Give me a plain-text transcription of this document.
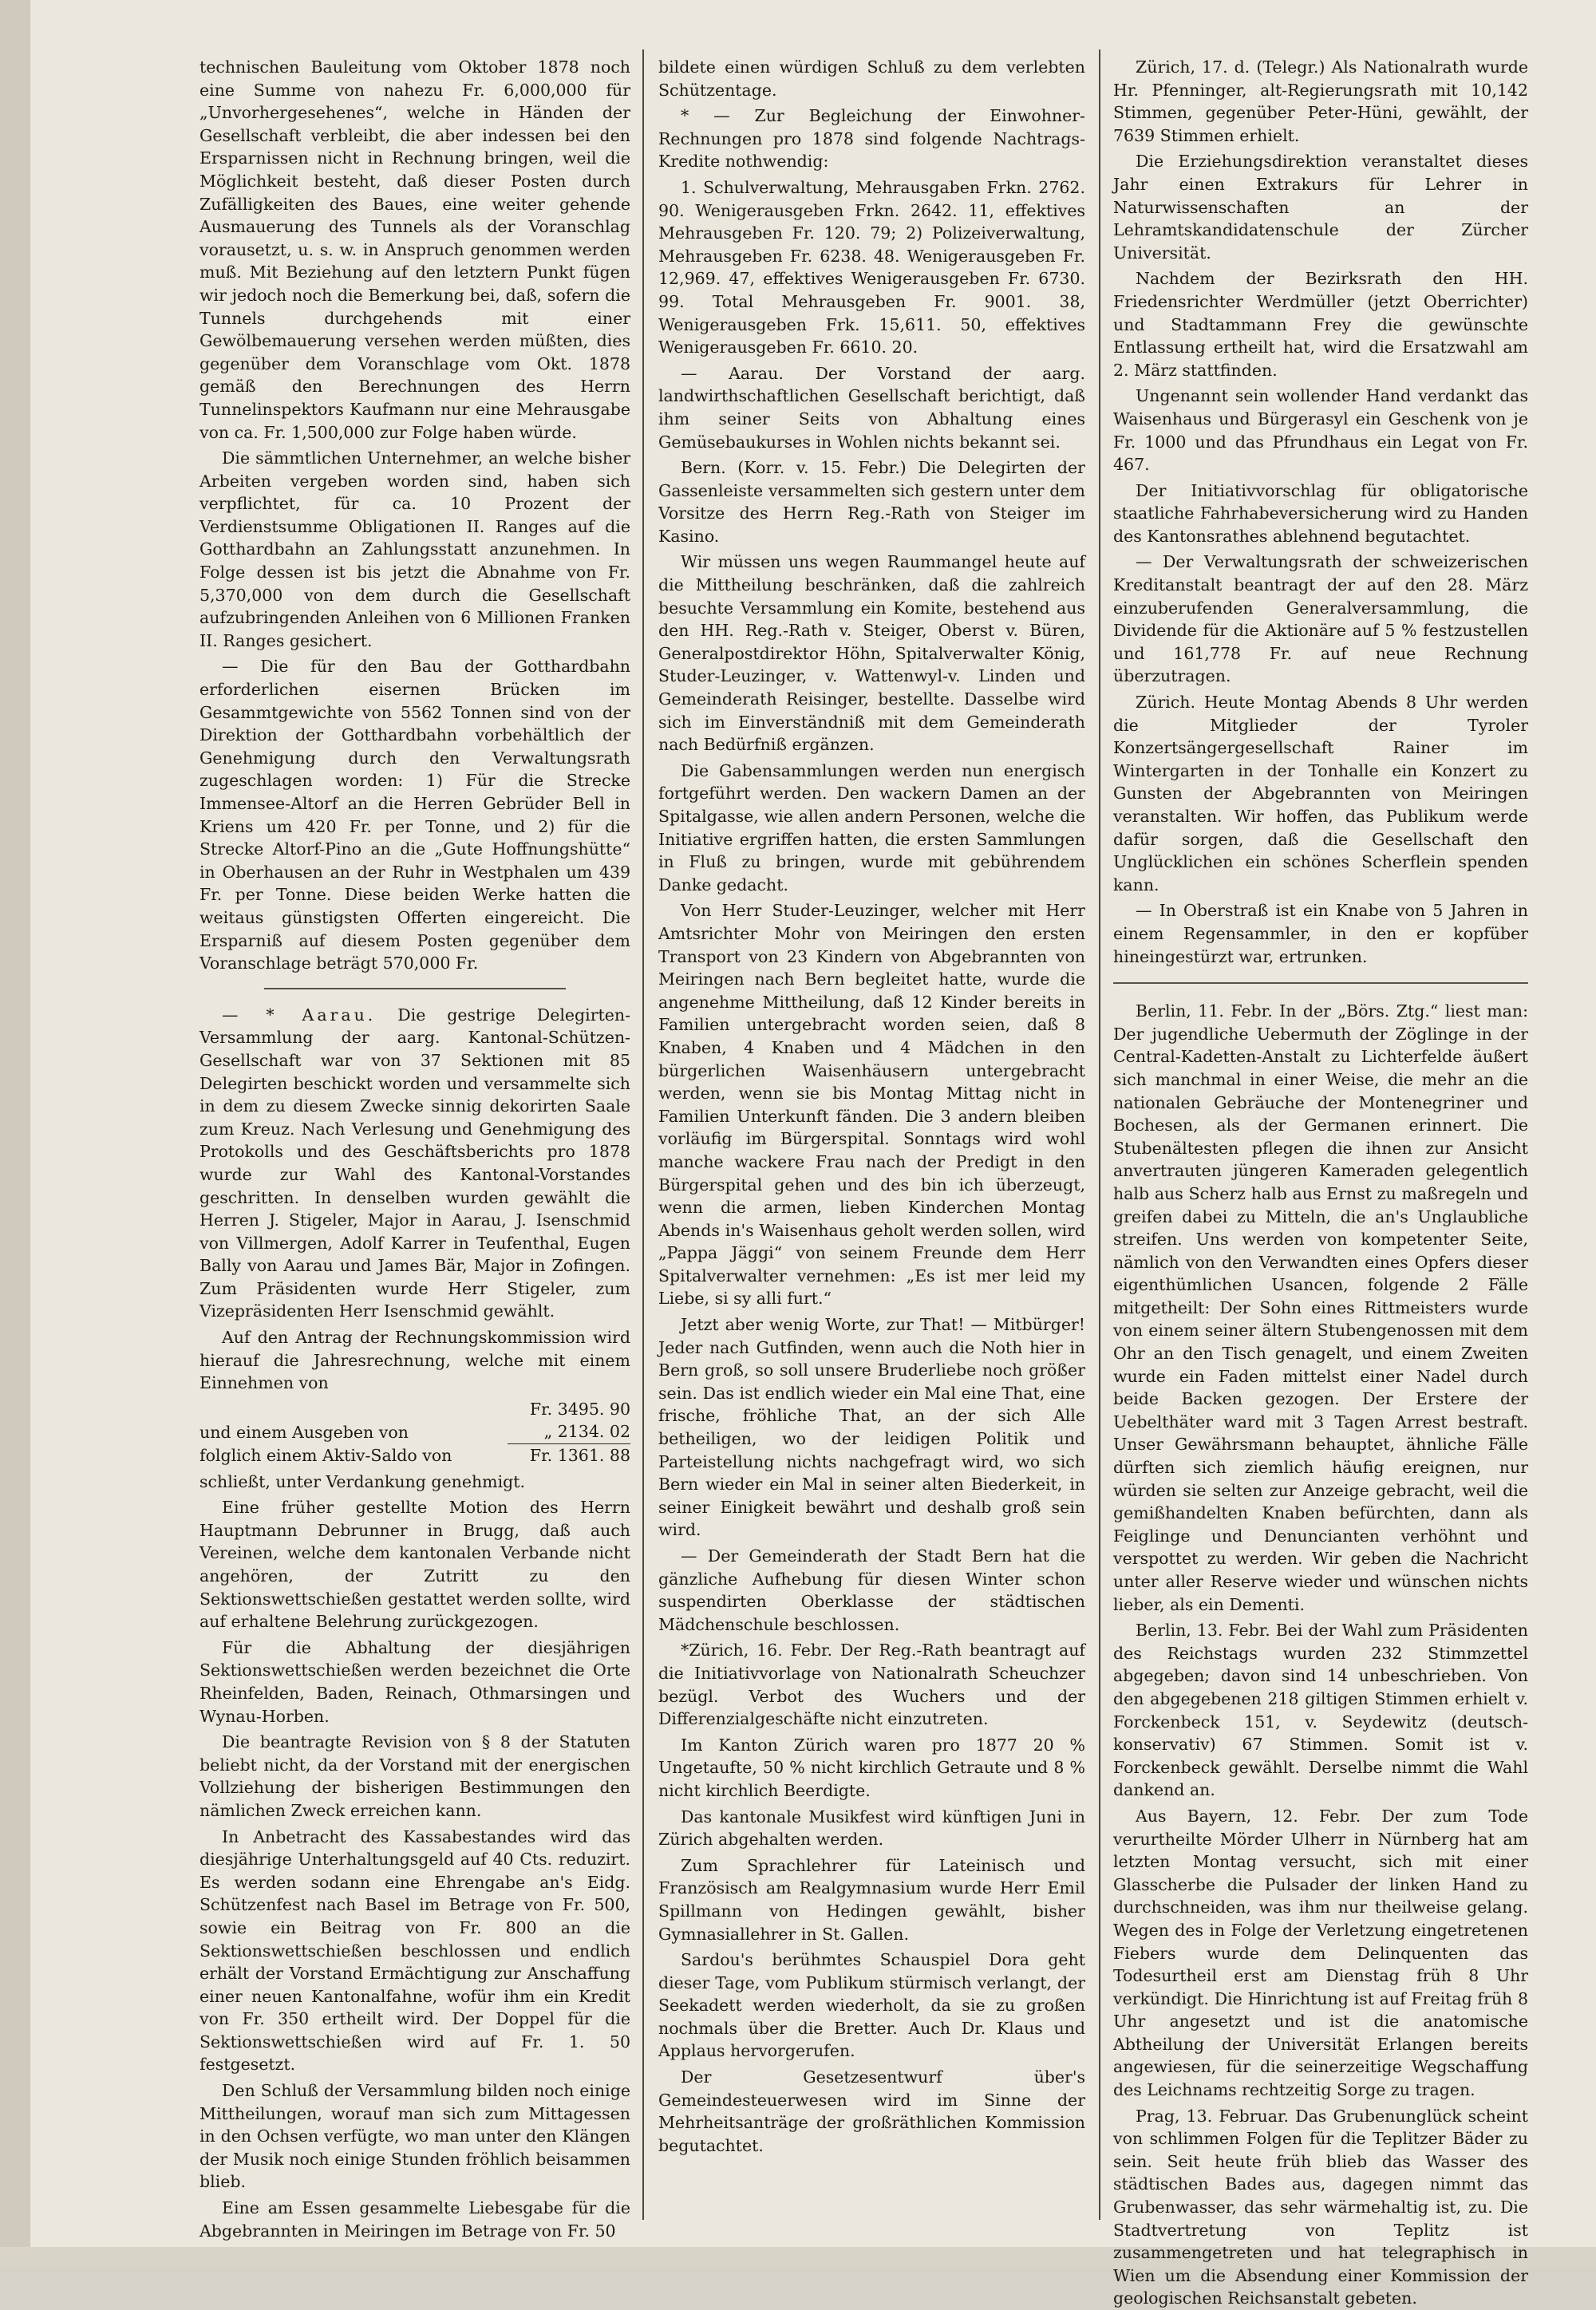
technischen Bauleitung vom Oktober 1878 noch eine Summe von nahezu Fr. 6,000,000 für „Unvorhergesehenes“, welche in Händen der Gesellschaft verbleibt, die aber indessen bei den Ersparnissen nicht in Rechnung bringen, weil die Möglichkeit besteht, daß dieser Posten durch Zufälligkeiten des Baues, eine weiter gehende Ausmauerung des Tunnels als der Voranschlag vorausetzt, u. s. w. in Anspruch genommen werden muß. Mit Beziehung auf den letztern Punkt fügen wir jedoch noch die Bemerkung bei, daß, sofern die Tunnels durchgehends mit einer Gewölbemauerung versehen werden müßten, dies gegenüber dem Voranschlage vom Okt. 1878 gemäß den Berechnungen des Herrn Tunnelinspektors Kaufmann nur eine Mehrausgabe von ca. Fr. 1,500,000 zur Folge haben würde.

Die sämmtlichen Unternehmer, an welche bisher Arbeiten vergeben worden sind, haben sich verpflichtet, für ca. 10 Prozent der Verdienstsumme Obligationen II. Ranges auf die Gotthardbahn an Zahlungsstatt anzunehmen. In Folge dessen ist bis jetzt die Abnahme von Fr. 5,370,000 von dem durch die Gesellschaft aufzubringenden Anleihen von 6 Millionen Franken II. Ranges gesichert.

— Die für den Bau der Gotthardbahn erforderlichen eisernen Brücken im Gesammtgewichte von 5562 Tonnen sind von der Direktion der Gotthardbahn vorbehältlich der Genehmigung durch den Verwaltungsrath zugeschlagen worden: 1) Für die Strecke Immensee-Altorf an die Herren Gebrüder Bell in Kriens um 420 Fr. per Tonne, und 2) für die Strecke Altorf-Pino an die „Gute Hoffnungshütte“ in Oberhausen an der Ruhr in Westphalen um 439 Fr. per Tonne. Diese beiden Werke hatten die weitaus günstigsten Offerten eingereicht. Die Ersparniß auf diesem Posten gegenüber dem Voranschlage beträgt 570,000 Fr.

— * Aarau. Die gestrige Delegirten-Versammlung der aarg. Kantonal-Schützen-Gesellschaft war von 37 Sektionen mit 85 Delegirten beschickt worden und versammelte sich in dem zu diesem Zwecke sinnig dekorirten Saale zum Kreuz. Nach Verlesung und Genehmigung des Protokolls und des Geschäftsberichts pro 1878 wurde zur Wahl des Kantonal-Vorstandes geschritten. In denselben wurden gewählt die Herren J. Stigeler, Major in Aarau, J. Isenschmid von Villmergen, Adolf Karrer in Teufenthal, Eugen Bally von Aarau und James Bär, Major in Zofingen. Zum Präsidenten wurde Herr Stigeler, zum Vizepräsidenten Herr Isenschmid gewählt.

Auf den Antrag der Rechnungskommission wird hierauf die Jahresrechnung, welche mit einem Einnehmen von

	Fr. 3495. 90
und einem Ausgeben von	„ 2134. 02
folglich einem Aktiv-Saldo von	Fr. 1361. 88

schließt, unter Verdankung genehmigt.

Eine früher gestellte Motion des Herrn Hauptmann Debrunner in Brugg, daß auch Vereinen, welche dem kantonalen Verbande nicht angehören, der Zutritt zu den Sektionswettschießen gestattet werden sollte, wird auf erhaltene Belehrung zurückgezogen.

Für die Abhaltung der diesjährigen Sektionswettschießen werden bezeichnet die Orte Rheinfelden, Baden, Reinach, Othmarsingen und Wynau-Horben.

Die beantragte Revision von § 8 der Statuten beliebt nicht, da der Vorstand mit der energischen Vollziehung der bisherigen Bestimmungen den nämlichen Zweck erreichen kann.

In Anbetracht des Kassabestandes wird das diesjährige Unterhaltungsgeld auf 40 Cts. reduzirt. Es werden sodann eine Ehrengabe an's Eidg. Schützenfest nach Basel im Betrage von Fr. 500, sowie ein Beitrag von Fr. 800 an die Sektionswettschießen beschlossen und endlich erhält der Vorstand Ermächtigung zur Anschaffung einer neuen Kantonalfahne, wofür ihm ein Kredit von Fr. 350 ertheilt wird. Der Doppel für die Sektionswettschießen wird auf Fr. 1. 50 festgesetzt.

Den Schluß der Versammlung bilden noch einige Mittheilungen, worauf man sich zum Mittagessen in den Ochsen verfügte, wo man unter den Klängen der Musik noch einige Stunden fröhlich beisammen blieb.

Eine am Essen gesammelte Liebesgabe für die Abgebrannten in Meiringen im Betrage von Fr. 50

bildete einen würdigen Schluß zu dem verlebten Schützentage.

* — Zur Begleichung der Einwohner-Rechnungen pro 1878 sind folgende Nachtrags-Kredite nothwendig:

1. Schulverwaltung, Mehrausgaben Frkn. 2762. 90. Wenigerausgeben Frkn. 2642. 11, effektives Mehrausgeben Fr. 120. 79; 2) Polizeiverwaltung, Mehrausgeben Fr. 6238. 48. Wenigerausgeben Fr. 12,969. 47, effektives Wenigerausgeben Fr. 6730. 99. Total Mehrausgeben Fr. 9001. 38, Wenigerausgeben Frk. 15,611. 50, effektives Wenigerausgeben Fr. 6610. 20.

— Aarau. Der Vorstand der aarg. landwirthschaftlichen Gesellschaft berichtigt, daß ihm seiner Seits von Abhaltung eines Gemüsebaukurses in Wohlen nichts bekannt sei.

Bern. (Korr. v. 15. Febr.) Die Delegirten der Gassenleiste versammelten sich gestern unter dem Vorsitze des Herrn Reg.-Rath von Steiger im Kasino.

Wir müssen uns wegen Raummangel heute auf die Mittheilung beschränken, daß die zahlreich besuchte Versammlung ein Komite, bestehend aus den HH. Reg.-Rath v. Steiger, Oberst v. Büren, Generalpostdirektor Höhn, Spitalverwalter König, Studer-Leuzinger, v. Wattenwyl-v. Linden und Gemeinderath Reisinger, bestellte. Dasselbe wird sich im Einverständniß mit dem Gemeinderath nach Bedürfniß ergänzen.

Die Gabensammlungen werden nun energisch fortgeführt werden. Den wackern Damen an der Spitalgasse, wie allen andern Personen, welche die Initiative ergriffen hatten, die ersten Sammlungen in Fluß zu bringen, wurde mit gebührendem Danke gedacht.

Von Herr Studer-Leuzinger, welcher mit Herr Amtsrichter Mohr von Meiringen den ersten Transport von 23 Kindern von Abgebrannten von Meiringen nach Bern begleitet hatte, wurde die angenehme Mittheilung, daß 12 Kinder bereits in Familien untergebracht worden seien, daß 8 Knaben, 4 Knaben und 4 Mädchen in den bürgerlichen Waisenhäusern untergebracht werden, wenn sie bis Montag Mittag nicht in Familien Unterkunft fänden. Die 3 andern bleiben vorläufig im Bürgerspital. Sonntags wird wohl manche wackere Frau nach der Predigt in den Bürgerspital gehen und des bin ich überzeugt, wenn die armen, lieben Kinderchen Montag Abends in's Waisenhaus geholt werden sollen, wird „Pappa Jäggi“ von seinem Freunde dem Herr Spitalverwalter vernehmen: „Es ist mer leid my Liebe, si sy alli furt.“

Jetzt aber wenig Worte, zur That! — Mitbürger! Jeder nach Gutfinden, wenn auch die Noth hier in Bern groß, so soll unsere Bruderliebe noch größer sein. Das ist endlich wieder ein Mal eine That, eine frische, fröhliche That, an der sich Alle betheiligen, wo der leidigen Politik und Parteistellung nichts nachgefragt wird, wo sich Bern wieder ein Mal in seiner alten Biederkeit, in seiner Einigkeit bewährt und deshalb groß sein wird.

— Der Gemeinderath der Stadt Bern hat die gänzliche Aufhebung für diesen Winter schon suspendirten Oberklasse der städtischen Mädchenschule beschlossen.

*Zürich, 16. Febr. Der Reg.-Rath beantragt auf die Initiativvorlage von Nationalrath Scheuchzer bezügl. Verbot des Wuchers und der Differenzialgeschäfte nicht einzutreten.

Im Kanton Zürich waren pro 1877 20 % Ungetaufte, 50 % nicht kirchlich Getraute und 8 % nicht kirchlich Beerdigte.

Das kantonale Musikfest wird künftigen Juni in Zürich abgehalten werden.

Zum Sprachlehrer für Lateinisch und Französisch am Realgymnasium wurde Herr Emil Spillmann von Hedingen gewählt, bisher Gymnasiallehrer in St. Gallen.

Sardou's berühmtes Schauspiel Dora geht dieser Tage, vom Publikum stürmisch verlangt, der Seekadett werden wiederholt, da sie zu großen nochmals über die Bretter. Auch Dr. Klaus und Applaus hervorgerufen.

Der Gesetzesentwurf über's Gemeindesteuerwesen wird im Sinne der Mehrheitsanträge der großräthlichen Kommission begutachtet.

Zürich, 17. d. (Telegr.) Als Nationalrath wurde Hr. Pfenninger, alt-Regierungsrath mit 10,142 Stimmen, gegenüber Peter-Hüni, gewählt, der 7639 Stimmen erhielt.

Die Erziehungsdirektion veranstaltet dieses Jahr einen Extrakurs für Lehrer in Naturwissenschaften an der Lehramtskandidatenschule der Zürcher Universität.

Nachdem der Bezirksrath den HH. Friedensrichter Werdmüller (jetzt Oberrichter) und Stadtammann Frey die gewünschte Entlassung ertheilt hat, wird die Ersatzwahl am 2. März stattfinden.

Ungenannt sein wollender Hand verdankt das Waisenhaus und Bürgerasyl ein Geschenk von je Fr. 1000 und das Pfrundhaus ein Legat von Fr. 467.

Der Initiativvorschlag für obligatorische staatliche Fahrhabeversicherung wird zu Handen des Kantonsrathes ablehnend begutachtet.

— Der Verwaltungsrath der schweizerischen Kreditanstalt beantragt der auf den 28. März einzuberufenden Generalversammlung, die Dividende für die Aktionäre auf 5 % festzustellen und 161,778 Fr. auf neue Rechnung überzutragen.

Zürich. Heute Montag Abends 8 Uhr werden die Mitglieder der Tyroler Konzertsängergesellschaft Rainer im Wintergarten in der Tonhalle ein Konzert zu Gunsten der Abgebrannten von Meiringen veranstalten. Wir hoffen, das Publikum werde dafür sorgen, daß die Gesellschaft den Unglücklichen ein schönes Scherflein spenden kann.

— In Oberstraß ist ein Knabe von 5 Jahren in einem Regensammler, in den er kopfüber hineingestürzt war, ertrunken.

Berlin, 11. Febr. In der „Börs. Ztg.“ liest man: Der jugendliche Uebermuth der Zöglinge in der Central-Kadetten-Anstalt zu Lichterfelde äußert sich manchmal in einer Weise, die mehr an die nationalen Gebräuche der Montenegriner und Bochesen, als der Germanen erinnert. Die Stubenältesten pflegen die ihnen zur Ansicht anvertrauten jüngeren Kameraden gelegentlich halb aus Scherz halb aus Ernst zu maßregeln und greifen dabei zu Mitteln, die an's Unglaubliche streifen. Uns werden von kompetenter Seite, nämlich von den Verwandten eines Opfers dieser eigenthümlichen Usancen, folgende 2 Fälle mitgetheilt: Der Sohn eines Rittmeisters wurde von einem seiner ältern Stubengenossen mit dem Ohr an den Tisch genagelt, und einem Zweiten wurde ein Faden mittelst einer Nadel durch beide Backen gezogen. Der Erstere der Uebelthäter ward mit 3 Tagen Arrest bestraft. Unser Gewährsmann behauptet, ähnliche Fälle dürften sich ziemlich häufig ereignen, nur würden sie selten zur Anzeige gebracht, weil die gemißhandelten Knaben befürchten, dann als Feiglinge und Denuncianten verhöhnt und verspottet zu werden. Wir geben die Nachricht unter aller Reserve wieder und wünschen nichts lieber, als ein Dementi.

Berlin, 13. Febr. Bei der Wahl zum Präsidenten des Reichstags wurden 232 Stimmzettel abgegeben; davon sind 14 unbeschrieben. Von den abgegebenen 218 giltigen Stimmen erhielt v. Forckenbeck 151, v. Seydewitz (deutsch-konservativ) 67 Stimmen. Somit ist v. Forckenbeck gewählt. Derselbe nimmt die Wahl dankend an.

Aus Bayern, 12. Febr. Der zum Tode verurtheilte Mörder Ulherr in Nürnberg hat am letzten Montag versucht, sich mit einer Glasscherbe die Pulsader der linken Hand zu durchschneiden, was ihm nur theilweise gelang. Wegen des in Folge der Verletzung eingetretenen Fiebers wurde dem Delinquenten das Todesurtheil erst am Dienstag früh 8 Uhr verkündigt. Die Hinrichtung ist auf Freitag früh 8 Uhr angesetzt und ist die anatomische Abtheilung der Universität Erlangen bereits angewiesen, für die seinerzeitige Wegschaffung des Leichnams rechtzeitig Sorge zu tragen.

Prag, 13. Februar. Das Grubenunglück scheint von schlimmen Folgen für die Teplitzer Bäder zu sein. Seit heute früh blieb das Wasser des städtischen Bades aus, dagegen nimmt das Grubenwasser, das sehr wärmehaltig ist, zu. Die Stadtvertretung von Teplitz ist zusammengetreten und hat telegraphisch in Wien um die Absendung einer Kommission der geologischen Reichsanstalt gebeten.
